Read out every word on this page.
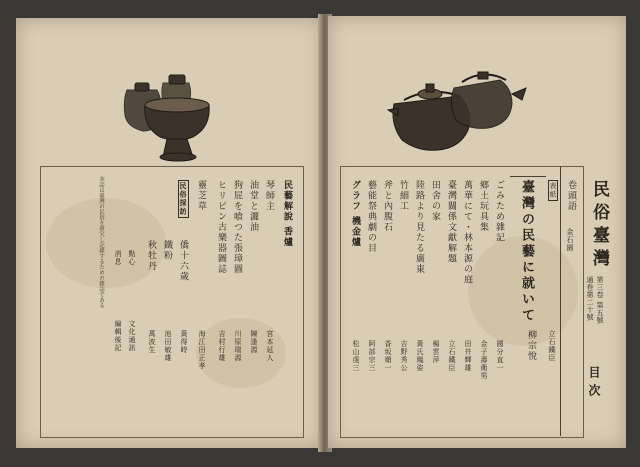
民藝解說 香爐
琴師主
油堂と灑油
狗屁を喰つた張璋圖
ヒリピン古樂器圖誌
靈芝草
民俗採訪
僑十六歲
鐵粉
秋牡丹
宮本延人
陳逢源
川原瑞源
吉村行雄
海江田正孝
黃得時
池田敏雄
萬波生
點心
消息
文化通訊
編輯後記
本誌は臺灣の民俗を研究し記錄するための雜誌である	民俗臺灣
第三卷 第五號
通卷第二十號
目次
卷頭語
金石園
表紙
立石鐵臣
臺灣の民藝に就いて
柳宗悅
ごみため雜記
鄉土玩具集
萬華にて・林本源の庭
臺灣關係文獻解題
田舍の家
陸路より見たる廣東
竹細工
斧と內腹石
藝能祭典劇の目
グラフ 機金爐
國分直一
金子壽衛男
田井輝雄
立石鐵臣
楊雲萍
黃氏鳳姿
吉野秀公
香坂順一
阿部宗三
松山虔三
